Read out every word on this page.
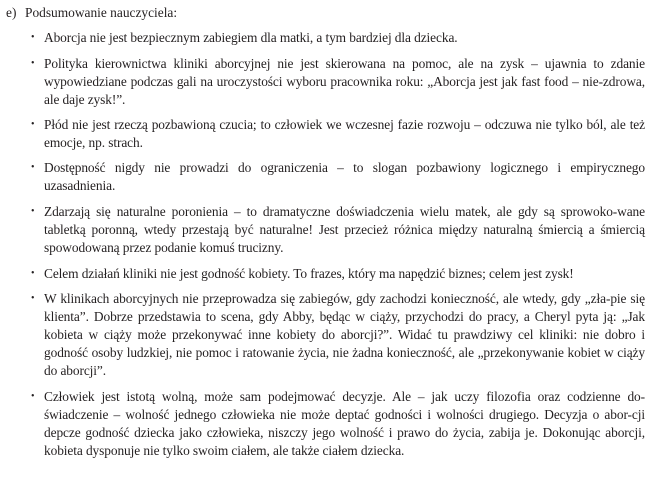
e) Podsumowanie nauczyciela:
• Aborcja nie jest bezpiecznym zabiegiem dla matki, a tym bardziej dla dziecka.
• Polityka kierownictwa kliniki aborcyjnej nie jest skierowana na pomoc, ale na zysk – ujawnia to zdanie wypowiedziane podczas gali na uroczystości wyboru pracownika roku: „Aborcja jest jak fast food – nie-zdrowa, ale daje zysk!”.
• Płód nie jest rzeczą pozbawioną czucia; to człowiek we wczesnej fazie rozwoju – odczuwa nie tylko ból, ale też emocje, np. strach.
• Dostępność nigdy nie prowadzi do ograniczenia – to slogan pozbawiony logicznego i empirycznego uzasadnienia.
• Zdarzają się naturalne poronienia – to dramatyczne doświadczenia wielu matek, ale gdy są sprowoko-wane tabletką poronną, wtedy przestają być naturalne! Jest przecież różnica między naturalną śmiercią a śmiercią spowodowaną przez podanie komuś trucizny.
• Celem działań kliniki nie jest godność kobiety. To frazes, który ma napędzić biznes; celem jest zysk!
• W klinikach aborcyjnych nie przeprowadza się zabiegów, gdy zachodzi konieczność, ale wtedy, gdy „zła-pie się klienta”. Dobrze przedstawia to scena, gdy Abby, będąc w ciąży, przychodzi do pracy, a Cheryl pyta ją: „Jak kobieta w ciąży może przekonywać inne kobiety do aborcji?”. Widać tu prawdziwy cel kliniki: nie dobro i godność osoby ludzkiej, nie pomoc i ratowanie życia, nie żadna konieczność, ale „przekonywanie kobiet w ciąży do aborcji”.
• Człowiek jest istotą wolną, może sam podejmować decyzje. Ale – jak uczy filozofia oraz codzienne do-świadczenie – wolność jednego człowieka nie może deptać godności i wolności drugiego. Decyzja o abor-cji depcze godność dziecka jako człowieka, niszczy jego wolność i prawo do życia, zabija je. Dokonując aborcji, kobieta dysponuje nie tylko swoim ciałem, ale także ciałem dziecka.
